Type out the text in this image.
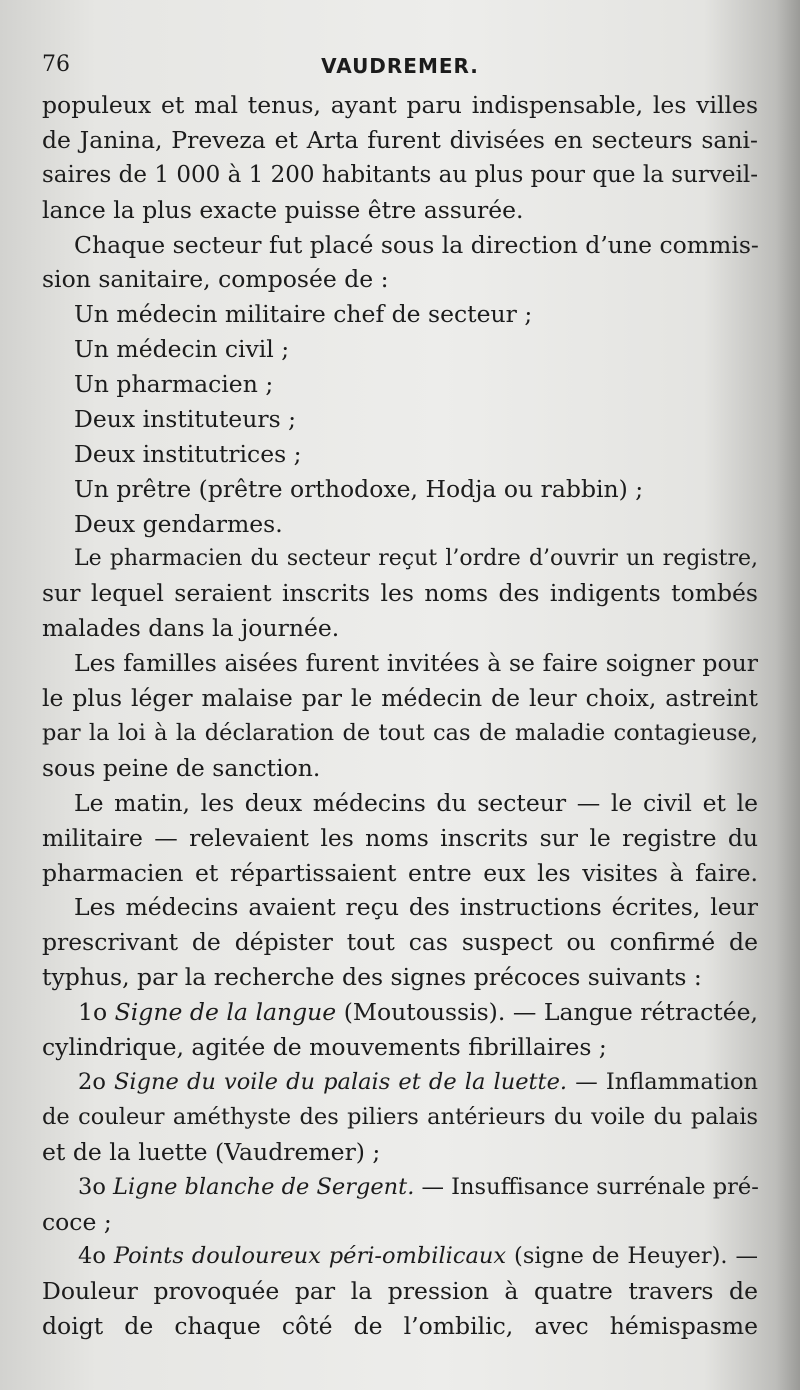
76	VAUDREMER.
populeux et mal tenus, ayant paru indispensable, les villes
de Janina, Preveza et Arta furent divisées en secteurs sani-
saires de 1 000 à 1 200 habitants au plus pour que la surveil-
lance la plus exacte puisse être assurée.
Chaque secteur fut placé sous la direction d’une commis-
sion sanitaire, composée de :
Un médecin militaire chef de secteur ;
Un médecin civil ;
Un pharmacien ;
Deux instituteurs ;
Deux institutrices ;
Un prêtre (prêtre orthodoxe, Hodja ou rabbin) ;
Deux gendarmes.
Le pharmacien du secteur reçut l’ordre d’ouvrir un registre,
sur lequel seraient inscrits les noms des indigents tombés
malades dans la journée.
Les familles aisées furent invitées à se faire soigner pour
le plus léger malaise par le médecin de leur choix, astreint
par la loi à la déclaration de tout cas de maladie contagieuse,
sous peine de sanction.
Le matin, les deux médecins du secteur — le civil et le
militaire — relevaient les noms inscrits sur le registre du
pharmacien et répartissaient entre eux les visites à faire.
Les médecins avaient reçu des instructions écrites, leur
prescrivant de dépister tout cas suspect ou confirmé de
typhus, par la recherche des signes précoces suivants :
1o Signe de la langue (Moutoussis). — Langue rétractée,
cylindrique, agitée de mouvements fibrillaires ;
2o Signe du voile du palais et de la luette. — Inflammation
de couleur améthyste des piliers antérieurs du voile du palais
et de la luette (Vaudremer) ;
3o Ligne blanche de Sergent. — Insuffisance surrénale pré-
coce ;
4o Points douloureux péri-ombilicaux (signe de Heuyer). —
Douleur provoquée par la pression à quatre travers de
doigt de chaque côté de l’ombilic, avec hémispasme
